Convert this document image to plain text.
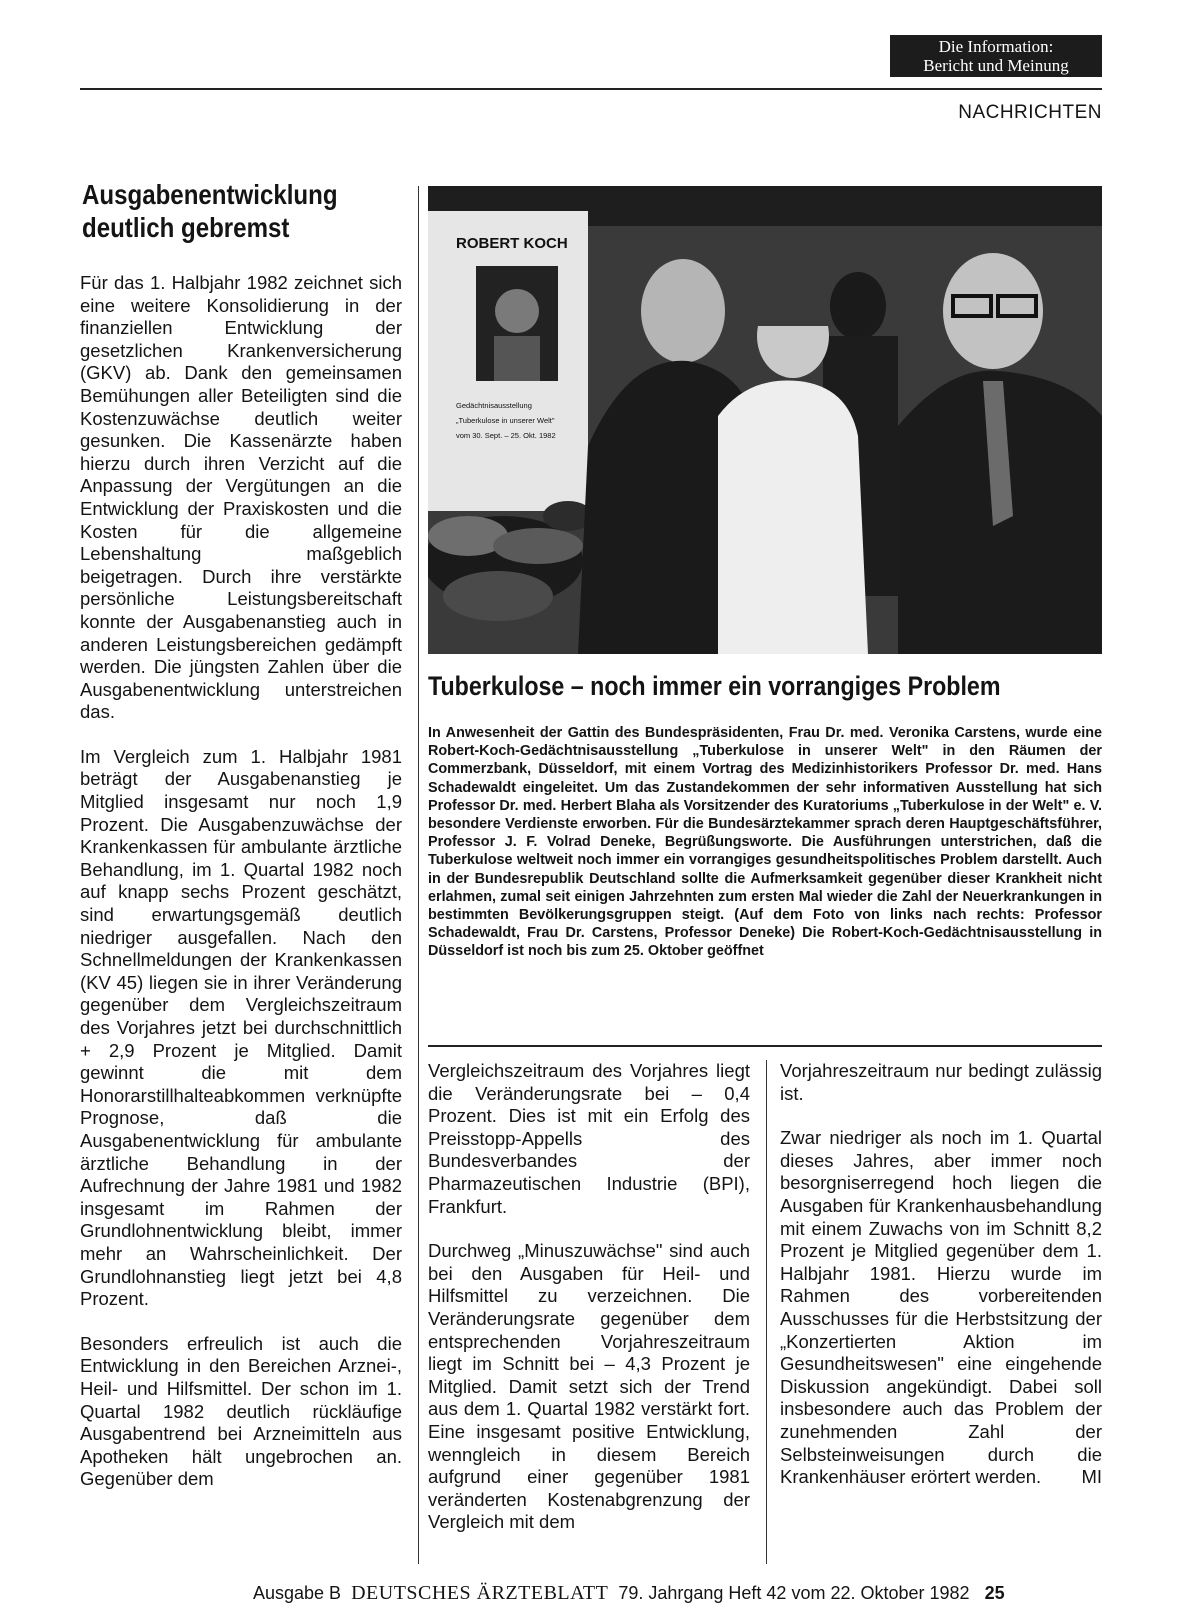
Die Information:
Bericht und Meinung
NACHRICHTEN
Ausgabenentwicklung
deutlich gebremst

Für das 1. Halbjahr 1982 zeichnet sich eine weitere Konsolidierung in der finanziellen Entwicklung der gesetzlichen Krankenversicherung (GKV) ab. Dank den gemeinsamen Bemühungen aller Beteiligten sind die Kostenzuwächse deutlich weiter gesunken. Die Kassenärzte haben hierzu durch ihren Verzicht auf die Anpassung der Vergütungen an die Entwicklung der Praxiskosten und die Kosten für die allgemeine Lebenshaltung maßgeblich beigetragen. Durch ihre verstärkte persönliche Leistungsbereitschaft konnte der Ausgabenanstieg auch in anderen Leistungsbereichen gedämpft werden. Die jüngsten Zahlen über die Ausgabenentwicklung unterstreichen das.

Im Vergleich zum 1. Halbjahr 1981 beträgt der Ausgabenanstieg je Mitglied insgesamt nur noch 1,9 Prozent. Die Ausgabenzuwächse der Krankenkassen für ambulante ärztliche Behandlung, im 1. Quartal 1982 noch auf knapp sechs Prozent geschätzt, sind erwartungsgemäß deutlich niedriger ausgefallen. Nach den Schnellmeldungen der Krankenkassen (KV 45) liegen sie in ihrer Veränderung gegenüber dem Vergleichszeitraum des Vorjahres jetzt bei durchschnittlich + 2,9 Prozent je Mitglied. Damit gewinnt die mit dem Honorarstillhalteabkommen verknüpfte Prognose, daß die Ausgabenentwicklung für ambulante ärztliche Behandlung in der Aufrechnung der Jahre 1981 und 1982 insgesamt im Rahmen der Grundlohnentwicklung bleibt, immer mehr an Wahrscheinlichkeit. Der Grundlohnanstieg liegt jetzt bei 4,8 Prozent.

Besonders erfreulich ist auch die Entwicklung in den Bereichen Arznei-, Heil- und Hilfsmittel. Der schon im 1. Quartal 1982 deutlich rückläufige Ausgabentrend bei Arzneimitteln aus Apotheken hält ungebrochen an. Gegenüber dem

ROBERT KOCH
Gedächtnisausstellung
„Tuberkulose in unserer Welt"
vom 30. Sept. – 25. Okt. 1982
Tuberkulose – noch immer ein vorrangiges Problem

In Anwesenheit der Gattin des Bundespräsidenten, Frau Dr. med. Veronika Carstens, wurde eine Robert-Koch-Gedächtnisausstellung „Tuberkulose in unserer Welt" in den Räumen der Commerzbank, Düsseldorf, mit einem Vortrag des Medizinhistorikers Professor Dr. med. Hans Schadewaldt eingeleitet. Um das Zustandekommen der sehr informativen Ausstellung hat sich Professor Dr. med. Herbert Blaha als Vorsitzender des Kuratoriums „Tuberkulose in der Welt" e. V. besondere Verdienste erworben. Für die Bundesärztekammer sprach deren Hauptgeschäftsführer, Professor J. F. Volrad Deneke, Begrüßungsworte. Die Ausführungen unterstrichen, daß die Tuberkulose weltweit noch immer ein vorrangiges gesundheitspolitisches Problem darstellt. Auch in der Bundesrepublik Deutschland sollte die Aufmerksamkeit gegenüber dieser Krankheit nicht erlahmen, zumal seit einigen Jahrzehnten zum ersten Mal wieder die Zahl der Neuerkrankungen in bestimmten Bevölkerungsgruppen steigt. (Auf dem Foto von links nach rechts: Professor Schadewaldt, Frau Dr. Carstens, Professor Deneke) Die Robert-Koch-Gedächtnisausstellung in Düsseldorf ist noch bis zum 25. Oktober geöffnet

Vergleichszeitraum des Vorjahres liegt die Veränderungsrate bei – 0,4 Prozent. Dies ist mit ein Erfolg des Preisstopp-Appells des Bundesverbandes der Pharmazeutischen Industrie (BPI), Frankfurt.

Durchweg „Minuszuwächse" sind auch bei den Ausgaben für Heil- und Hilfsmittel zu verzeichnen. Die Veränderungsrate gegenüber dem entsprechenden Vorjahreszeitraum liegt im Schnitt bei – 4,3 Prozent je Mitglied. Damit setzt sich der Trend aus dem 1. Quartal 1982 verstärkt fort. Eine insgesamt positive Entwicklung, wenngleich in diesem Bereich aufgrund einer gegenüber 1981 veränderten Kostenabgrenzung der Vergleich mit dem

Vorjahreszeitraum nur bedingt zulässig ist.

Zwar niedriger als noch im 1. Quartal dieses Jahres, aber immer noch besorgniserregend hoch liegen die Ausgaben für Krankenhausbehandlung mit einem Zuwachs von im Schnitt 8,2 Prozent je Mitglied gegenüber dem 1. Halbjahr 1981. Hierzu wurde im Rahmen des vorbereitenden Ausschusses für die Herbstsitzung der „Konzertierten Aktion im Gesundheitswesen" eine eingehende Diskussion angekündigt. Dabei soll insbesondere auch das Problem der zunehmenden Zahl der Selbsteinweisungen durch die Krankenhäuser erörtert werden. MI

Ausgabe B DEUTSCHES ÄRZTEBLATT 79. Jahrgang Heft 42 vom 22. Oktober 1982 25
